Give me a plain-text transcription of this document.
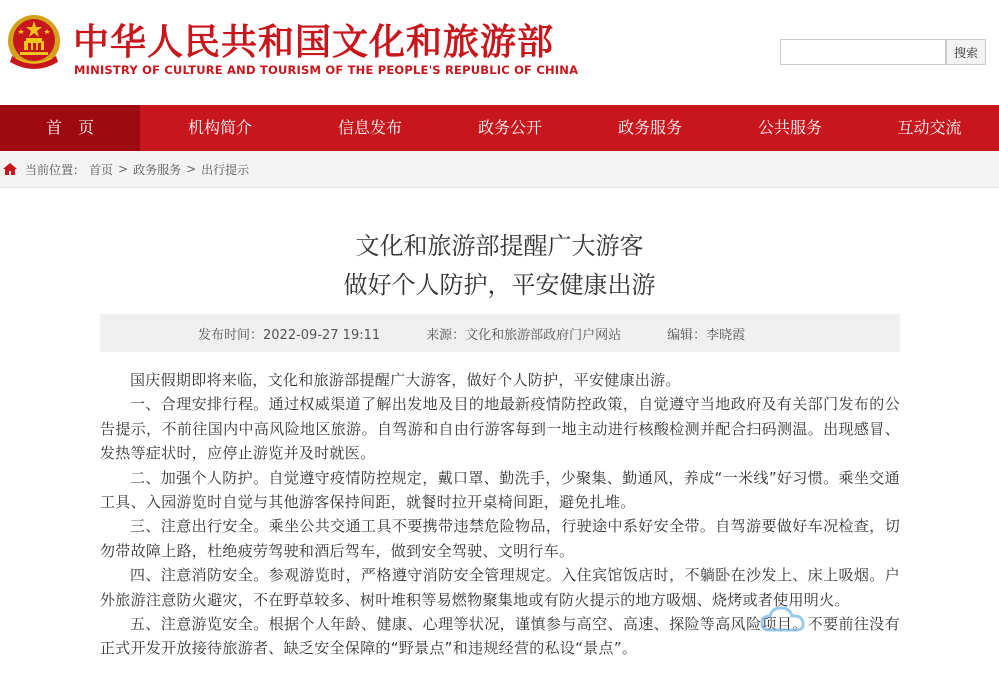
中华人民共和国文化和旅游部
MINISTRY OF CULTURE AND TOURISM OF THE PEOPLE'S REPUBLIC OF CHINA
搜索
首　页	机构简介	信息发布	政务公开	政务服务	公共服务	互动交流
当前位置： 首页 > 政务服务 > 出行提示
文化和旅游部提醒广大游客
做好个人防护，平安健康出游
发布时间：2022-09-27 19:11	来源：文化和旅游部政府门户网站	编辑：李晓霞

国庆假期即将来临，文化和旅游部提醒广大游客，做好个人防护，平安健康出游。

一、合理安排行程。通过权威渠道了解出发地及目的地最新疫情防控政策，自觉遵守当地政府及有关部门发布的公告提示，不前往国内中高风险地区旅游。自驾游和自由行游客每到一地主动进行核酸检测并配合扫码测温。出现感冒、发热等症状时，应停止游览并及时就医。

二、加强个人防护。自觉遵守疫情防控规定，戴口罩、勤洗手，少聚集、勤通风，养成“一米线”好习惯。乘坐交通工具、入园游览时自觉与其他游客保持间距，就餐时拉开桌椅间距，避免扎堆。

三、注意出行安全。乘坐公共交通工具不要携带违禁危险物品，行驶途中系好安全带。自驾游要做好车况检查，切勿带故障上路，杜绝疲劳驾驶和酒后驾车，做到安全驾驶、文明行车。

四、注意消防安全。参观游览时，严格遵守消防安全管理规定。入住宾馆饭店时，不躺卧在沙发上、床上吸烟。户外旅游注意防火避灾，不在野草较多、树叶堆积等易燃物聚集地或有防火提示的地方吸烟、烧烤或者使用明火。

五、注意游览安全。根据个人年龄、健康、心理等状况，谨慎参与高空、高速、探险等高风险项目。不要前往没有正式开发开放接待旅游者、缺乏安全保障的“野景点”和违规经营的私设“景点”。
